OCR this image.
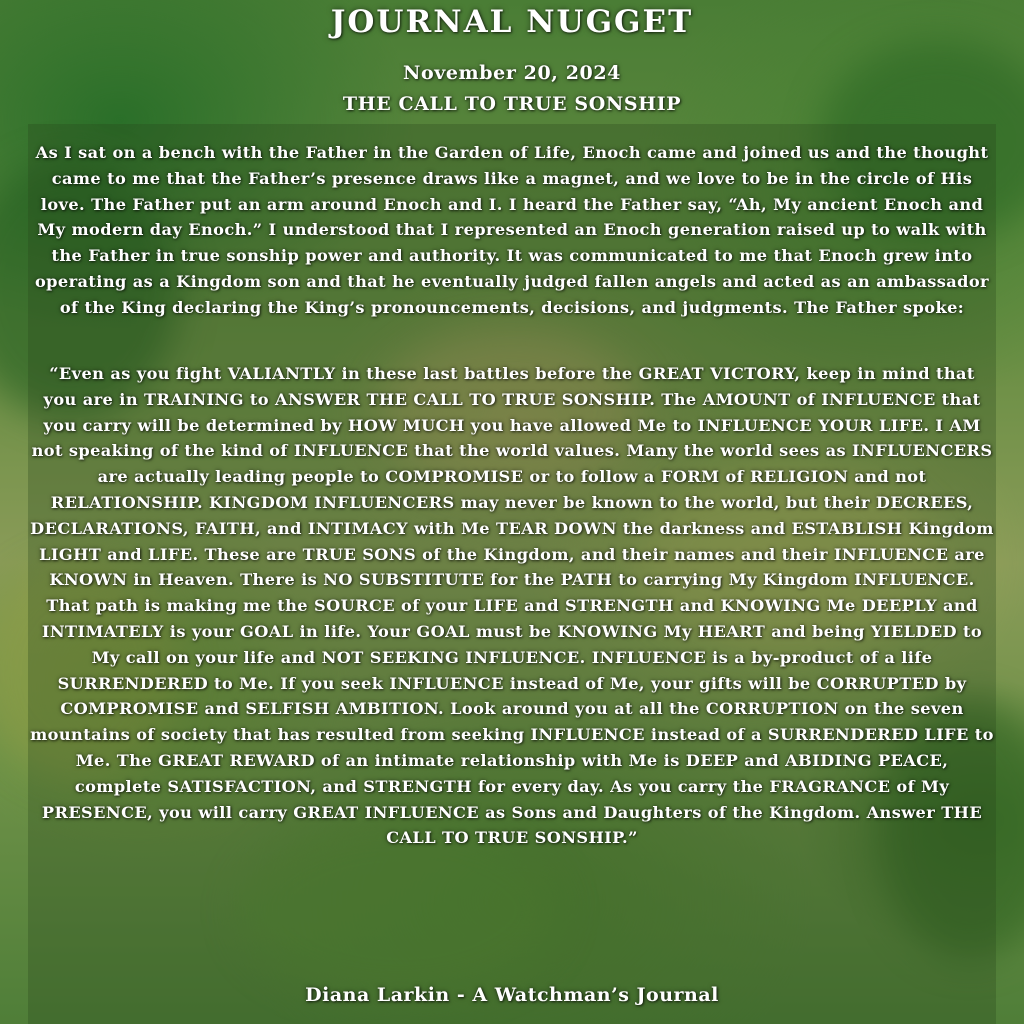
JOURNAL NUGGET
November 20, 2024
THE CALL TO TRUE SONSHIP
As I sat on a bench with the Father in the Garden of Life, Enoch came and joined us and the thought came to me that the Father’s presence draws like a magnet, and we love to be in the circle of His love. The Father put an arm around Enoch and I. I heard the Father say, “Ah, My ancient Enoch and My modern day Enoch.” I understood that I represented an Enoch generation raised up to walk with the Father in true sonship power and authority. It was communicated to me that Enoch grew into operating as a Kingdom son and that he eventually judged fallen angels and acted as an ambassador of the King declaring the King’s pronouncements, decisions, and judgments. The Father spoke:
“Even as you fight VALIANTLY in these last battles before the GREAT VICTORY, keep in mind that you are in TRAINING to ANSWER THE CALL TO TRUE SONSHIP. The AMOUNT of INFLUENCE that you carry will be determined by HOW MUCH you have allowed Me to INFLUENCE YOUR LIFE. I AM not speaking of the kind of INFLUENCE that the world values. Many the world sees as INFLUENCERS are actually leading people to COMPROMISE or to follow a FORM of RELIGION and not RELATIONSHIP. KINGDOM INFLUENCERS may never be known to the world, but their DECREES, DECLARATIONS, FAITH, and INTIMACY with Me TEAR DOWN the darkness and ESTABLISH Kingdom LIGHT and LIFE. These are TRUE SONS of the Kingdom, and their names and their INFLUENCE are KNOWN in Heaven. There is NO SUBSTITUTE for the PATH to carrying My Kingdom INFLUENCE. That path is making me the SOURCE of your LIFE and STRENGTH and KNOWING Me DEEPLY and INTIMATELY is your GOAL in life. Your GOAL must be KNOWING My HEART and being YIELDED to My call on your life and NOT SEEKING INFLUENCE. INFLUENCE is a by-product of a life SURRENDERED to Me. If you seek INFLUENCE instead of Me, your gifts will be CORRUPTED by COMPROMISE and SELFISH AMBITION. Look around you at all the CORRUPTION on the seven mountains of society that has resulted from seeking INFLUENCE instead of a SURRENDERED LIFE to Me. The GREAT REWARD of an intimate relationship with Me is DEEP and ABIDING PEACE, complete SATISFACTION, and STRENGTH for every day. As you carry the FRAGRANCE of My PRESENCE, you will carry GREAT INFLUENCE as Sons and Daughters of the Kingdom. Answer THE CALL TO TRUE SONSHIP.”
Diana Larkin - A Watchman’s Journal
